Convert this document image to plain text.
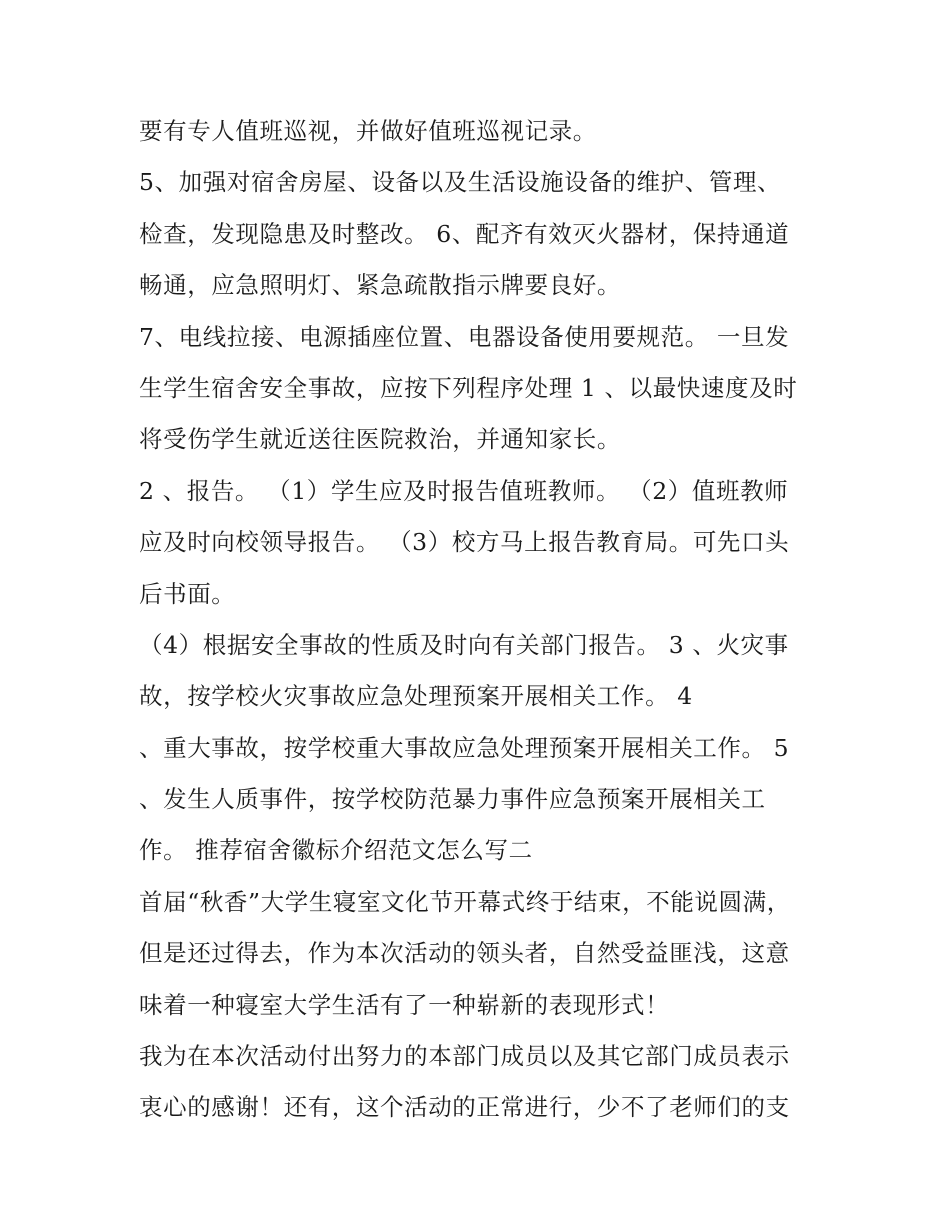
要有专人值班巡视，并做好值班巡视记录。
5、加强对宿舍房屋、设备以及生活设施设备的维护、管理、
检查，发现隐患及时整改。 6、配齐有效灭火器材，保持通道
畅通，应急照明灯、紧急疏散指示牌要良好。
7、电线拉接、电源插座位置、电器设备使用要规范。 一旦发
生学生宿舍安全事故，应按下列程序处理 1 、以最快速度及时
将受伤学生就近送往医院救治，并通知家长。
2 、报告。 （1）学生应及时报告值班教师。 （2）值班教师
应及时向校领导报告。 （3）校方马上报告教育局。可先口头
后书面。
（4）根据安全事故的性质及时向有关部门报告。 3 、火灾事
故，按学校火灾事故应急处理预案开展相关工作。 4
、重大事故，按学校重大事故应急处理预案开展相关工作。 5
、发生人质事件，按学校防范暴力事件应急预案开展相关工
作。 推荐宿舍徽标介绍范文怎么写二
首届“秋香”大学生寝室文化节开幕式终于结束，不能说圆满，
但是还过得去，作为本次活动的领头者，自然受益匪浅，这意
味着一种寝室大学生活有了一种崭新的表现形式！
我为在本次活动付出努力的本部门成员以及其它部门成员表示
衷心的感谢！还有，这个活动的正常进行，少不了老师们的支
